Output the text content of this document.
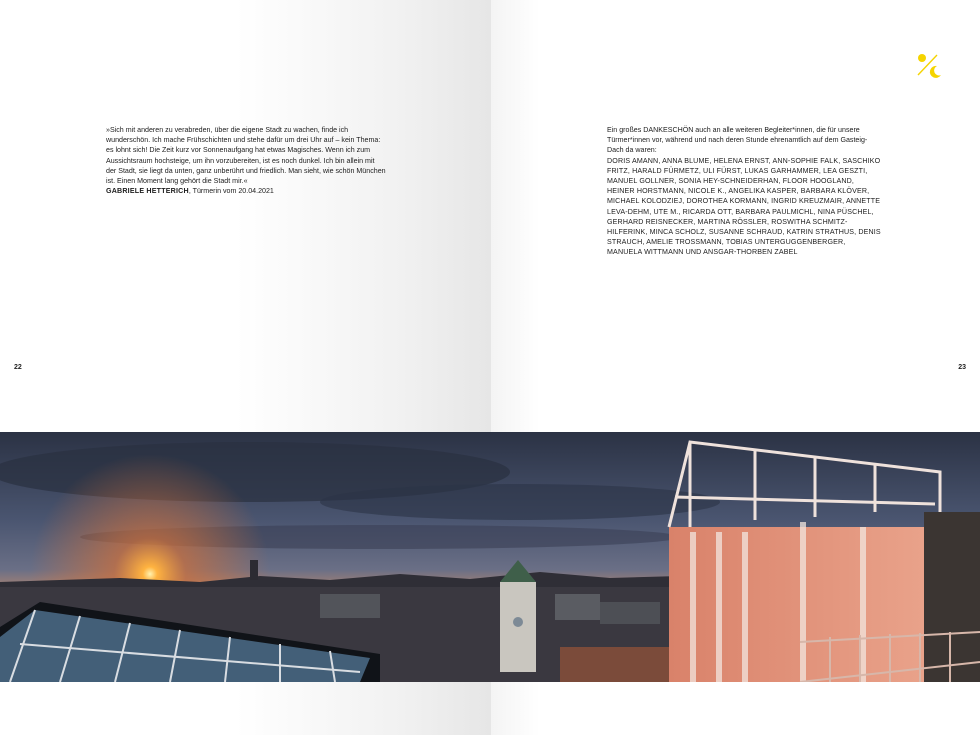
»Sich mit anderen zu verabreden, über die eigene Stadt zu wachen, finde ich wunderschön. Ich mache Frühschichten und stehe dafür um drei Uhr auf – kein Thema: es lohnt sich! Die Zeit kurz vor Sonnenaufgang hat etwas Magisches. Wenn ich zum Aussichtsraum hochsteige, um ihn vorzubereiten, ist es noch dunkel. Ich bin allein mit der Stadt, sie liegt da unten, ganz unberührt und friedlich. Man sieht, wie schön München ist. Einen Moment lang gehört die Stadt mir.«

GABRIELE HETTERICH, Türmerin vom 20.04.2021

22

Ein großes DANKESCHÖN auch an alle weiteren Begleiter*innen, die für unsere Türmer*innen vor, während und nach deren Stunde ehrenamtlich auf dem Gasteig-Dach da waren:

DORIS AMANN, ANNA BLUME, HELENA ERNST, ANN-SOPHIE FALK, SASCHIKO FRITZ, HARALD FÜRMETZ, ULI FÜRST, LUKAS GARHAMMER, LEA GESZTI, MANUEL GOLLNER, SONIA HEY-SCHNEIDERHAN, FLOOR HOOGLAND, HEINER HORSTMANN, NICOLE K., ANGELIKA KASPER, BARBARA KLÖVER, MICHAEL KOLODZIEJ, DOROTHEA KORMANN, INGRID KREUZMAIR, ANNETTE LEVA-DEHM, UTE M., RICARDA OTT, BARBARA PAULMICHL, NINA PÜSCHEL, GERHARD REISNECKER, MARTINA RÖSSLER, ROSWITHA SCHMITZ-HILFERINK, MINCA SCHOLZ, SUSANNE SCHRAUD, KATRIN STRATHUS, DENIS STRAUCH, AMELIE TROSSMANN, TOBIAS UNTERGUGGENBERGER, MANUELA WITTMANN UND ANSGAR-THORBEN ZABEL

23
